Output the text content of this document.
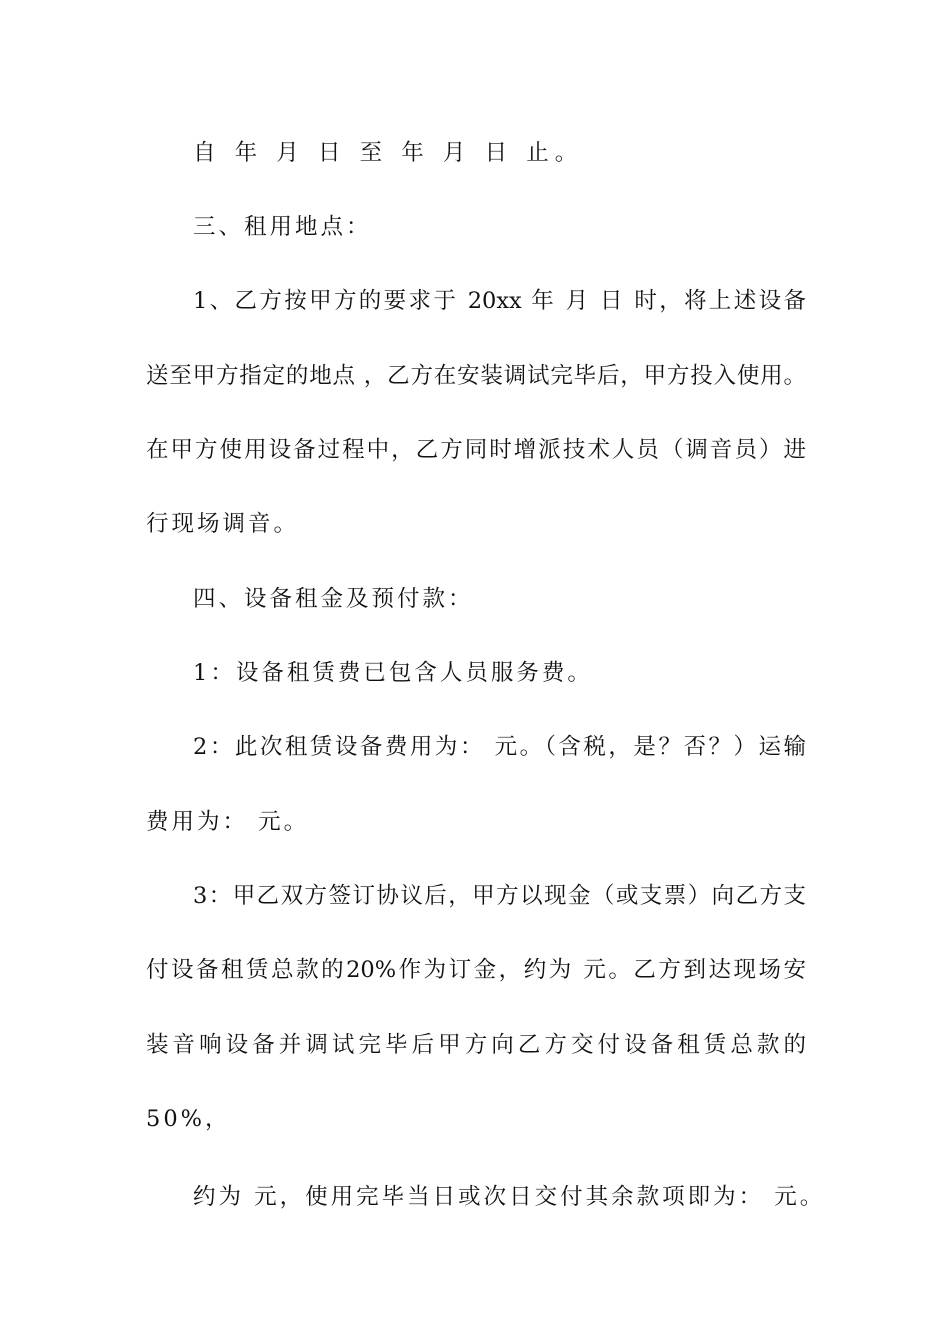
自 年 月 日 至 年 月 日 止。
三、租用地点：
1、乙方按甲方的要求于 20xx 年 月 日 时，将上述设备
送至甲方指定的地点 ，乙方在安装调试完毕后，甲方投入使用。
在甲方使用设备过程中，乙方同时增派技术人员（调音员）进
行现场调音。
四、设备租金及预付款：
1：设备租赁费已包含人员服务费。
2：此次租赁设备费用为： 元。（含税，是？否？）运输
费用为： 元。
3：甲乙双方签订协议后，甲方以现金（或支票）向乙方支
付设备租赁总款的20%作为订金，约为 元。乙方到达现场安
装音响设备并调试完毕后甲方向乙方交付设备租赁总款的
50%，
约为 元，使用完毕当日或次日交付其余款项即为： 元。
